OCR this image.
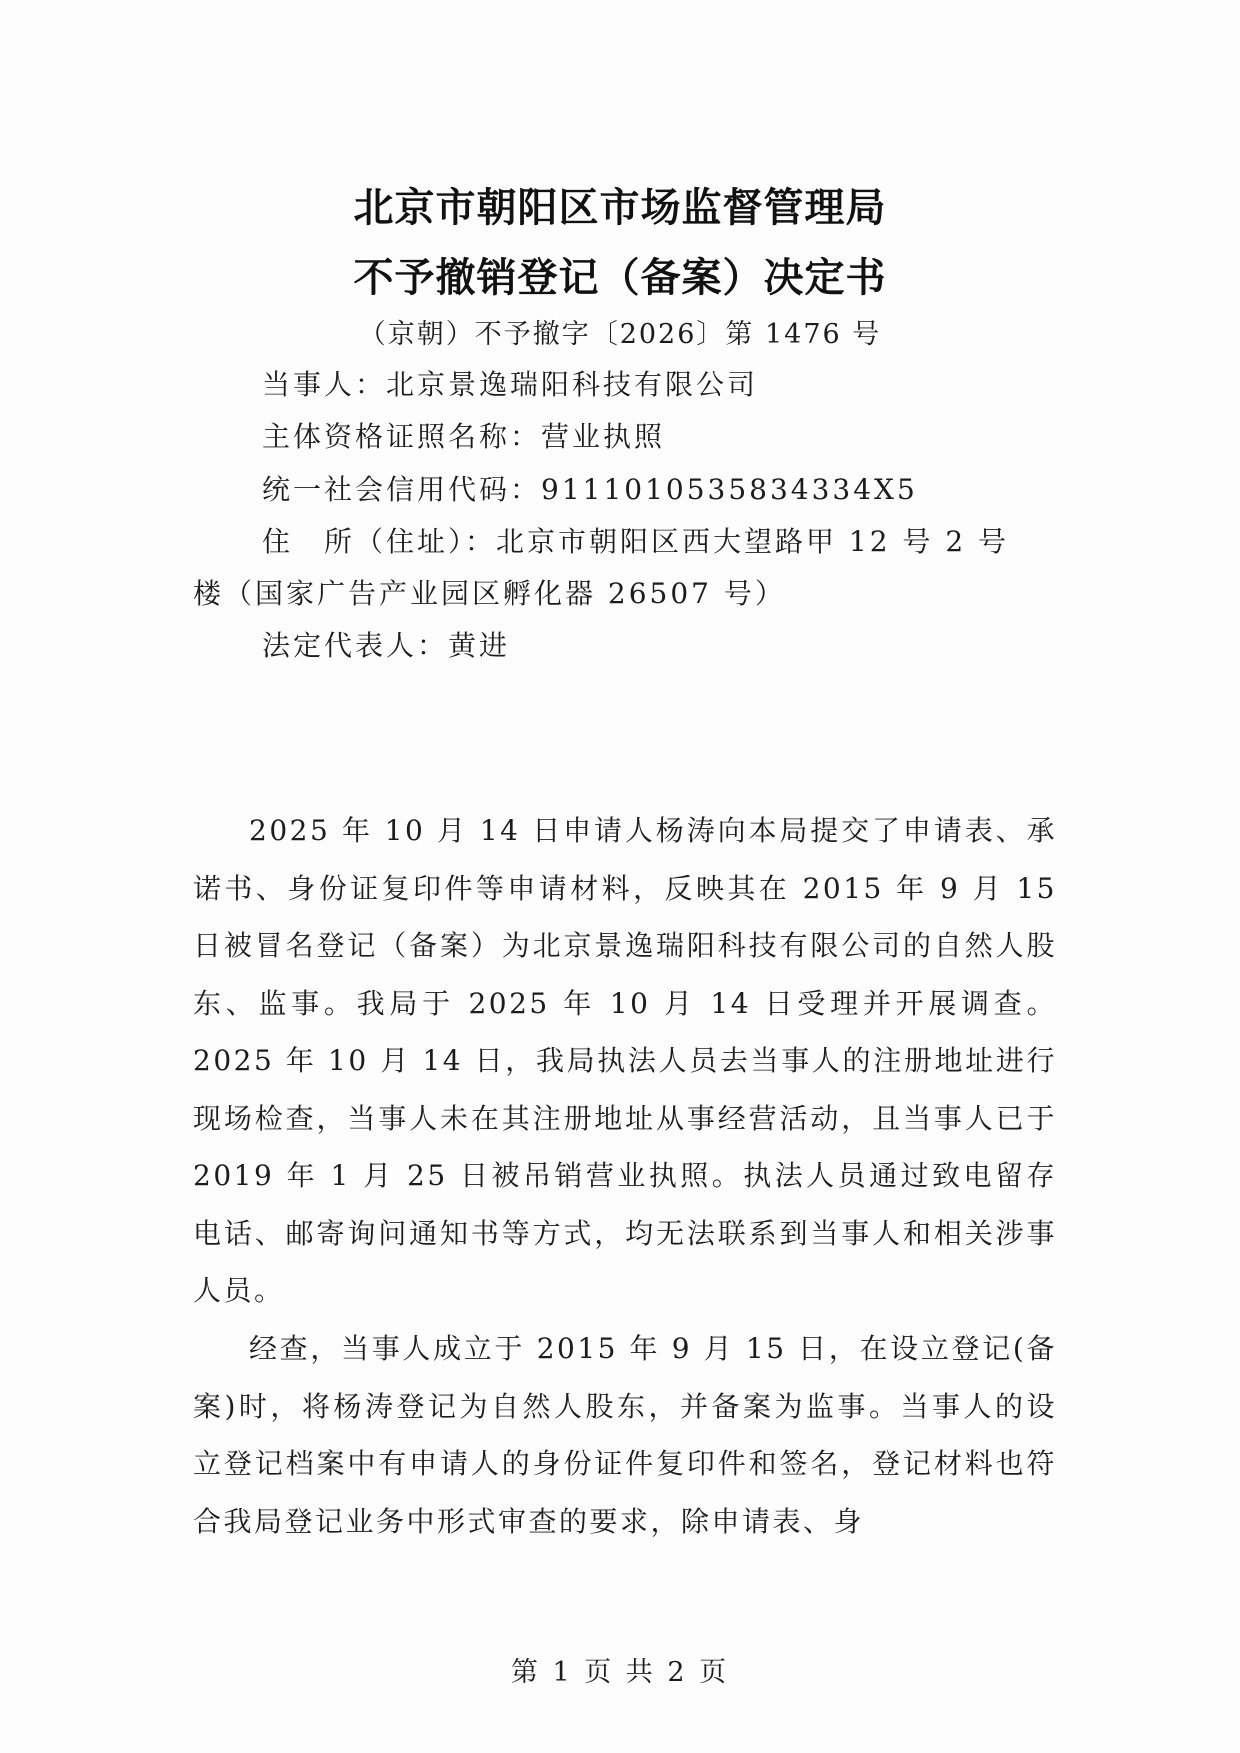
北京市朝阳区市场监督管理局
不予撤销登记（备案）决定书
（京朝）不予撤字〔2026〕第 1476 号
当事人：北京景逸瑞阳科技有限公司
主体资格证照名称：营业执照
统一社会信用代码：9111010535834334X5
住　所（住址）：北京市朝阳区西大望路甲 12 号 2 号
楼（国家广告产业园区孵化器 26507 号）
法定代表人：黄进

2025 年 10 月 14 日申请人杨涛向本局提交了申请表、承诺书、身份证复印件等申请材料，反映其在 2015 年 9 月 15 日被冒名登记（备案）为北京景逸瑞阳科技有限公司的自然人股东、监事。我局于 2025 年 10 月 14 日受理并开展调查。2025 年 10 月 14 日，我局执法人员去当事人的注册地址进行现场检查，当事人未在其注册地址从事经营活动，且当事人已于 2019 年 1 月 25 日被吊销营业执照。执法人员通过致电留存电话、邮寄询问通知书等方式，均无法联系到当事人和相关涉事人员。

经查，当事人成立于 2015 年 9 月 15 日，在设立登记(备案)时，将杨涛登记为自然人股东，并备案为监事。当事人的设立登记档案中有申请人的身份证件复印件和签名，登记材料也符合我局登记业务中形式审查的要求，除申请表、身

第 1 页 共 2 页
